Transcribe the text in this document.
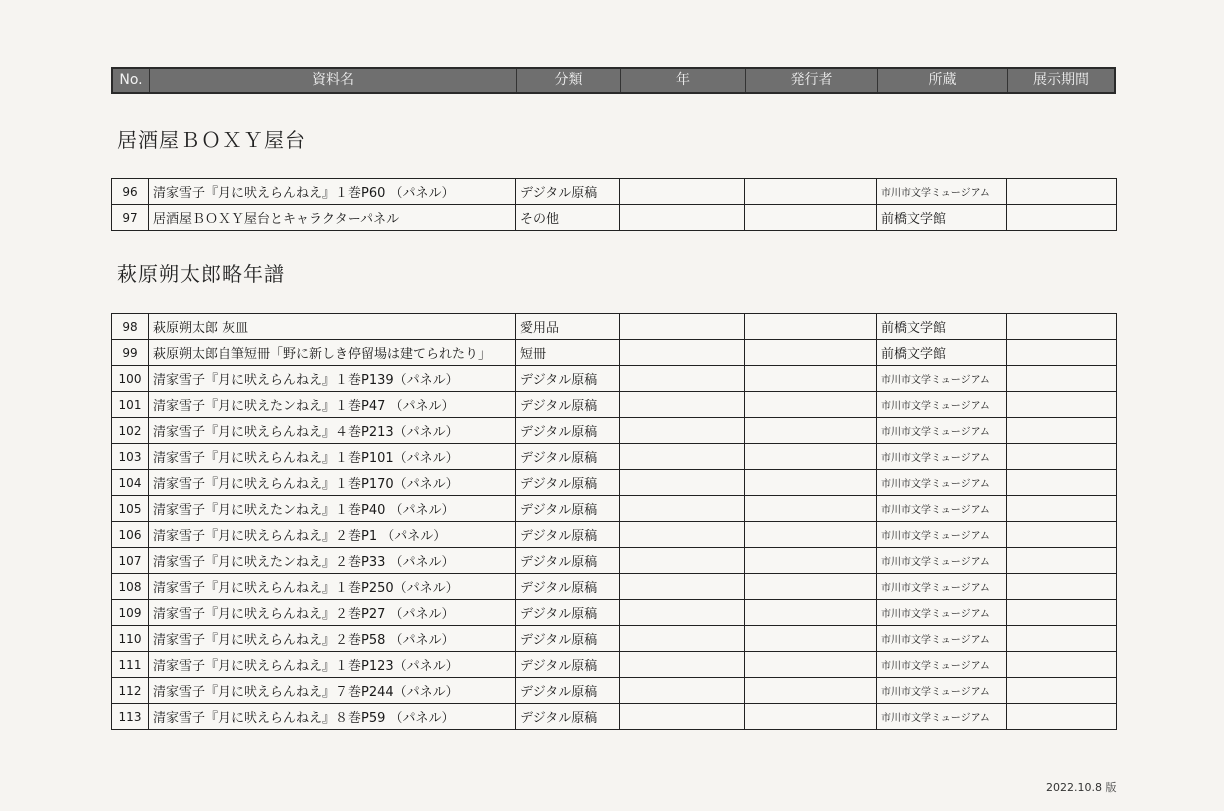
No.	資料名	分類	年	発行者	所蔵	展示期間
居酒屋ＢＯＸＹ屋台
96	清家雪子『月に吠えらんねえ』１巻P60 （パネル）	デジタル原稿			市川市文学ミュージアム	
97	居酒屋ＢＯＸＹ屋台とキャラクターパネル	その他			前橋文学館	
萩原朔太郎略年譜
98	萩原朔太郎 灰皿	愛用品			前橋文学館	
99	萩原朔太郎自筆短冊「野に新しき停留場は建てられたり」	短冊			前橋文学館	
100	清家雪子『月に吠えらんねえ』１巻P139（パネル）	デジタル原稿			市川市文学ミュージアム	
101	清家雪子『月に吠えたンねえ』１巻P47 （パネル）	デジタル原稿			市川市文学ミュージアム	
102	清家雪子『月に吠えらんねえ』４巻P213（パネル）	デジタル原稿			市川市文学ミュージアム	
103	清家雪子『月に吠えらんねえ』１巻P101（パネル）	デジタル原稿			市川市文学ミュージアム	
104	清家雪子『月に吠えらんねえ』１巻P170（パネル）	デジタル原稿			市川市文学ミュージアム	
105	清家雪子『月に吠えたンねえ』１巻P40 （パネル）	デジタル原稿			市川市文学ミュージアム	
106	清家雪子『月に吠えらんねえ』２巻P1 （パネル）	デジタル原稿			市川市文学ミュージアム	
107	清家雪子『月に吠えたンねえ』２巻P33 （パネル）	デジタル原稿			市川市文学ミュージアム	
108	清家雪子『月に吠えらんねえ』１巻P250（パネル）	デジタル原稿			市川市文学ミュージアム	
109	清家雪子『月に吠えらんねえ』２巻P27 （パネル）	デジタル原稿			市川市文学ミュージアム	
110	清家雪子『月に吠えらんねえ』２巻P58 （パネル）	デジタル原稿			市川市文学ミュージアム	
111	清家雪子『月に吠えらんねえ』１巻P123（パネル）	デジタル原稿			市川市文学ミュージアム	
112	清家雪子『月に吠えらんねえ』７巻P244（パネル）	デジタル原稿			市川市文学ミュージアム	
113	清家雪子『月に吠えらんねえ』８巻P59 （パネル）	デジタル原稿			市川市文学ミュージアム	
2022.10.8 版
